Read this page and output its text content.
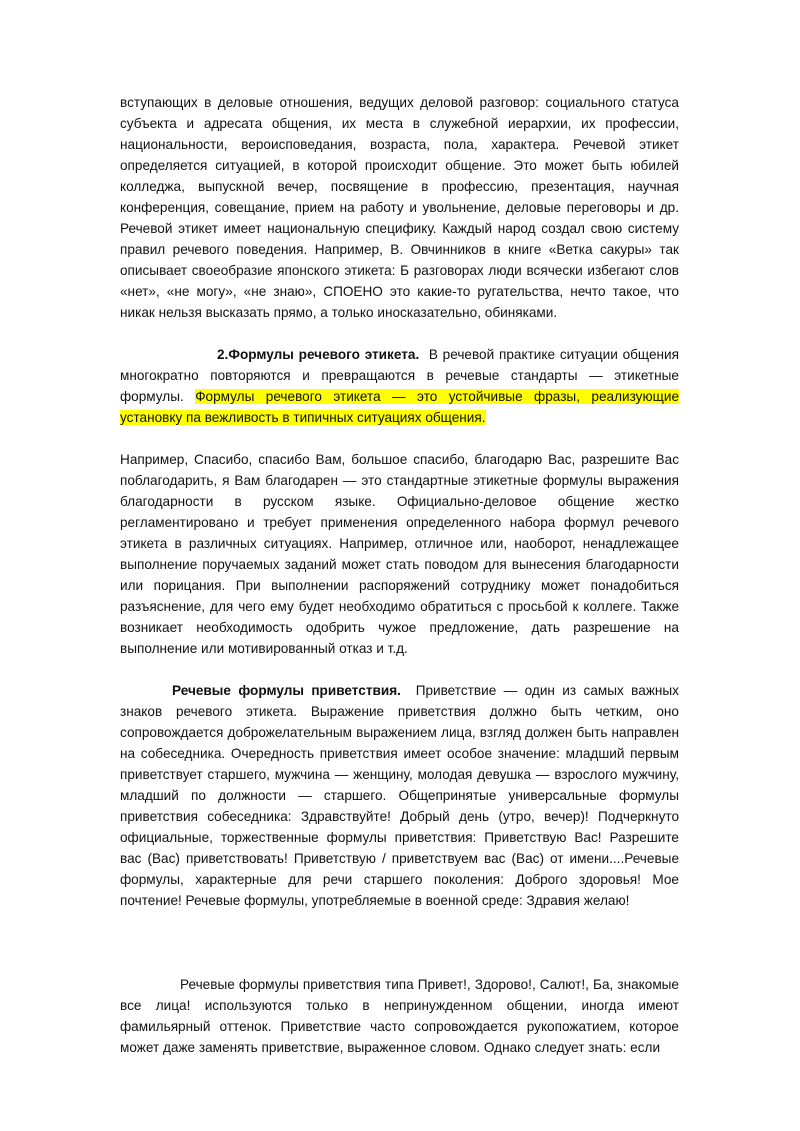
вступающих в деловые отношения, ведущих деловой разговор: социального статуса субъекта и адресата общения, их места в служебной иерархии, их профессии, национальности, вероисповедания, возраста, пола, характера. Речевой этикет определяется ситуацией, в которой происходит общение. Это может быть юбилей колледжа, выпускной вечер, посвящение в профессию, презентация, научная конференция, совещание, прием на работу и увольнение, деловые переговоры и др. Речевой этикет имеет национальную специфику. Каждый народ создал свою систему правил речевого поведения. Например, В. Овчинников в книге «Ветка сакуры» так описывает своеобразие японского этикета: Б разговорах люди всячески избегают слов «нет», «не могу», «не знаю», СПОЕНО это какие-то ругательства, нечто такое, что никак нельзя высказать прямо, а только иносказательно, обиняками.

2.Формулы речевого этикета. В речевой практике ситуации общения многократно повторяются и превращаются в речевые стандарты — этикетные формулы. Формулы речевого этикета — это устойчивые фразы, реализующие установку па вежливость в типичных ситуациях общения.

Например, Спасибо, спасибо Вам, большое спасибо, благодарю Вас, разрешите Вас поблагодарить, я Вам благодарен — это стандартные этикетные формулы выражения благодарности в русском языке. Официально-деловое общение жестко регламентировано и требует применения определенного набора формул речевого этикета в различных ситуациях. Например, отличное или, наоборот, ненадлежащее выполнение поручаемых заданий может стать поводом для вынесения благодарности или порицания. При выполнении распоряжений сотруднику может понадобиться разъяснение, для чего ему будет необходимо обратиться с просьбой к коллеге. Также возникает необходимость одобрить чужое предложение, дать разрешение на выполнение или мотивированный отказ и т.д.

Речевые формулы приветствия. Приветствие — один из самых важных знаков речевого этикета. Выражение приветствия должно быть четким, оно сопровождается доброжелательным выражением лица, взгляд должен быть направлен на собеседника. Очередность приветствия имеет особое значение: младший первым приветствует старшего, мужчина — женщину, молодая девушка — взрослого мужчину, младший по должности — старшего. Общепринятые универсальные формулы приветствия собеседника: Здравствуйте! Добрый день (утро, вечер)! Подчеркнуто официальные, торжественные формулы приветствия: Приветствую Вас! Разрешите вас (Вас) приветствовать! Приветствую / приветствуем вас (Вас) от имени....Речевые формулы, характерные для речи старшего поколения: Доброго здоровья! Мое почтение! Речевые формулы, употребляемые в военной среде: Здравия желаю!

Речевые формулы приветствия типа Привет!, Здорово!, Салют!, Ба, знакомые все лица! используются только в непринужденном общении, иногда имеют фамильярный оттенок. Приветствие часто сопровождается рукопожатием, которое может даже заменять приветствие, выраженное словом. Однако следует знать: если
